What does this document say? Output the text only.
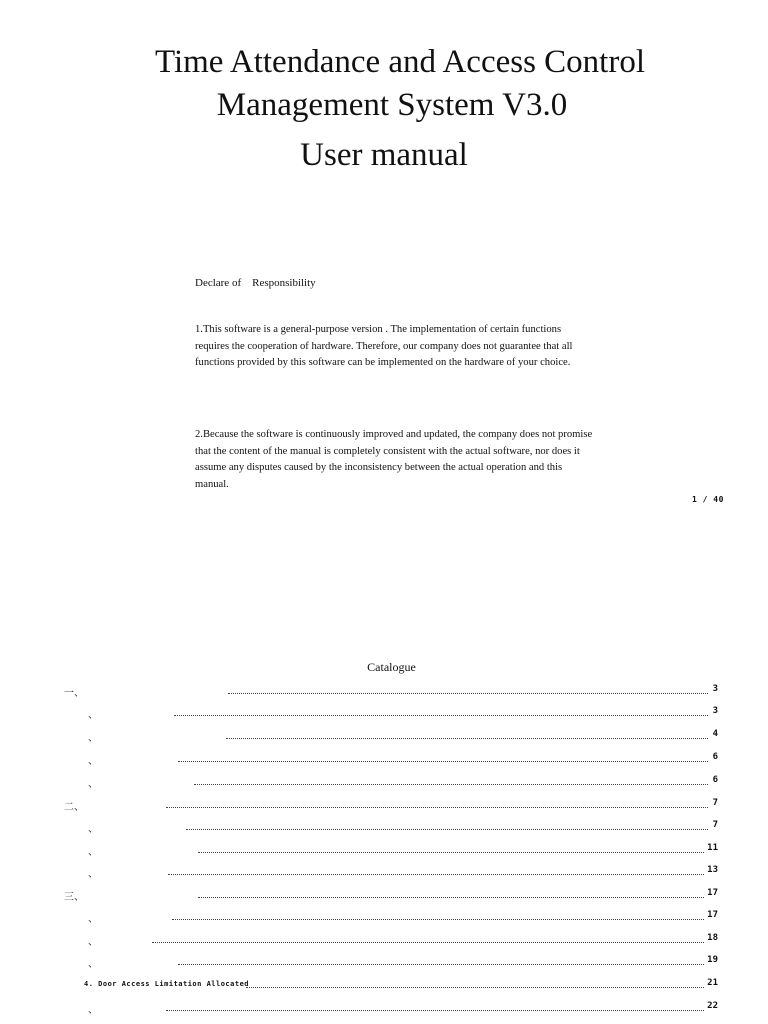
Time Attendance and Access Control
Management System V3.0
User manual
Declare of    Responsibility
1.This software is a general-purpose version . The implementation of certain functions requires the cooperation of hardware. Therefore, our company does not guarantee that all functions provided by this software can be implemented on the hardware of your choice.
2.Because the software is continuously improved and updated, the company does not promise that the content of the manual is completely consistent with the actual software, nor does it assume any disputes caused by the inconsistency between the actual operation and this manual.
1 / 40
Catalogue
一、	3
、	3
、	4
、	6
、	6
二、	7
、	7
、	11
、	13
三、	17
、	17
、	18
、	19
4. Door Access Limitation Allocated	21
、	22
